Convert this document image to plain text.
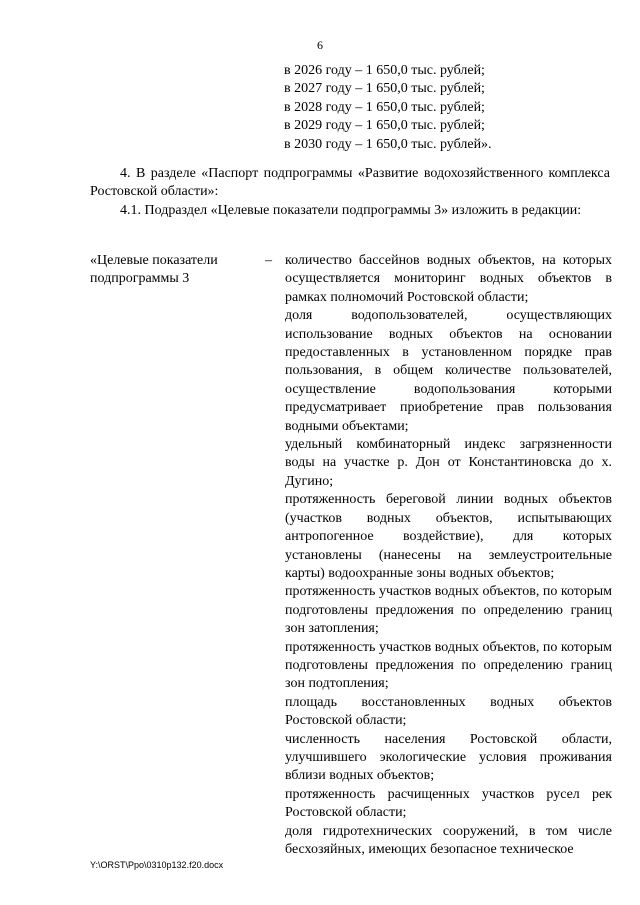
6
в 2026 году – 1 650,0 тыс. рублей;
в 2027 году – 1 650,0 тыс. рублей;
в 2028 году – 1 650,0 тыс. рублей;
в 2029 году – 1 650,0 тыс. рублей;
в 2030 году – 1 650,0 тыс. рублей».
4. В разделе «Паспорт подпрограммы «Развитие водохозяйственного комплекса Ростовской области»:
4.1. Подраздел «Целевые показатели подпрограммы 3» изложить в редакции:
«Целевые показатели подпрограммы 3
– количество бассейнов водных объектов, на которых осуществляется мониторинг водных объектов в рамках полномочий Ростовской области;

доля водопользователей, осуществляющих использование водных объектов на основании предоставленных в установленном порядке прав пользования, в общем количестве пользователей, осуществление водопользования которыми предусматривает приобретение прав пользования водными объектами;

удельный комбинаторный индекс загрязненности воды на участке р. Дон от Константиновска до х. Дугино;

протяженность береговой линии водных объектов (участков водных объектов, испытывающих антропогенное воздействие), для которых установлены (нанесены на землеустроительные карты) водоохранные зоны водных объектов;

протяженность участков водных объектов, по которым подготовлены предложения по определению границ зон затопления;

протяженность участков водных объектов, по которым подготовлены предложения по определению границ зон подтопления;

площадь восстановленных водных объектов Ростовской области;

численность населения Ростовской области, улучшившего экологические условия проживания вблизи водных объектов;

протяженность расчищенных участков русел рек Ростовской области;

доля гидротехнических сооружений, в том числе бесхозяйных, имеющих безопасное техническое

Y:\ORST\Ppo\0310p132.f20.docx
